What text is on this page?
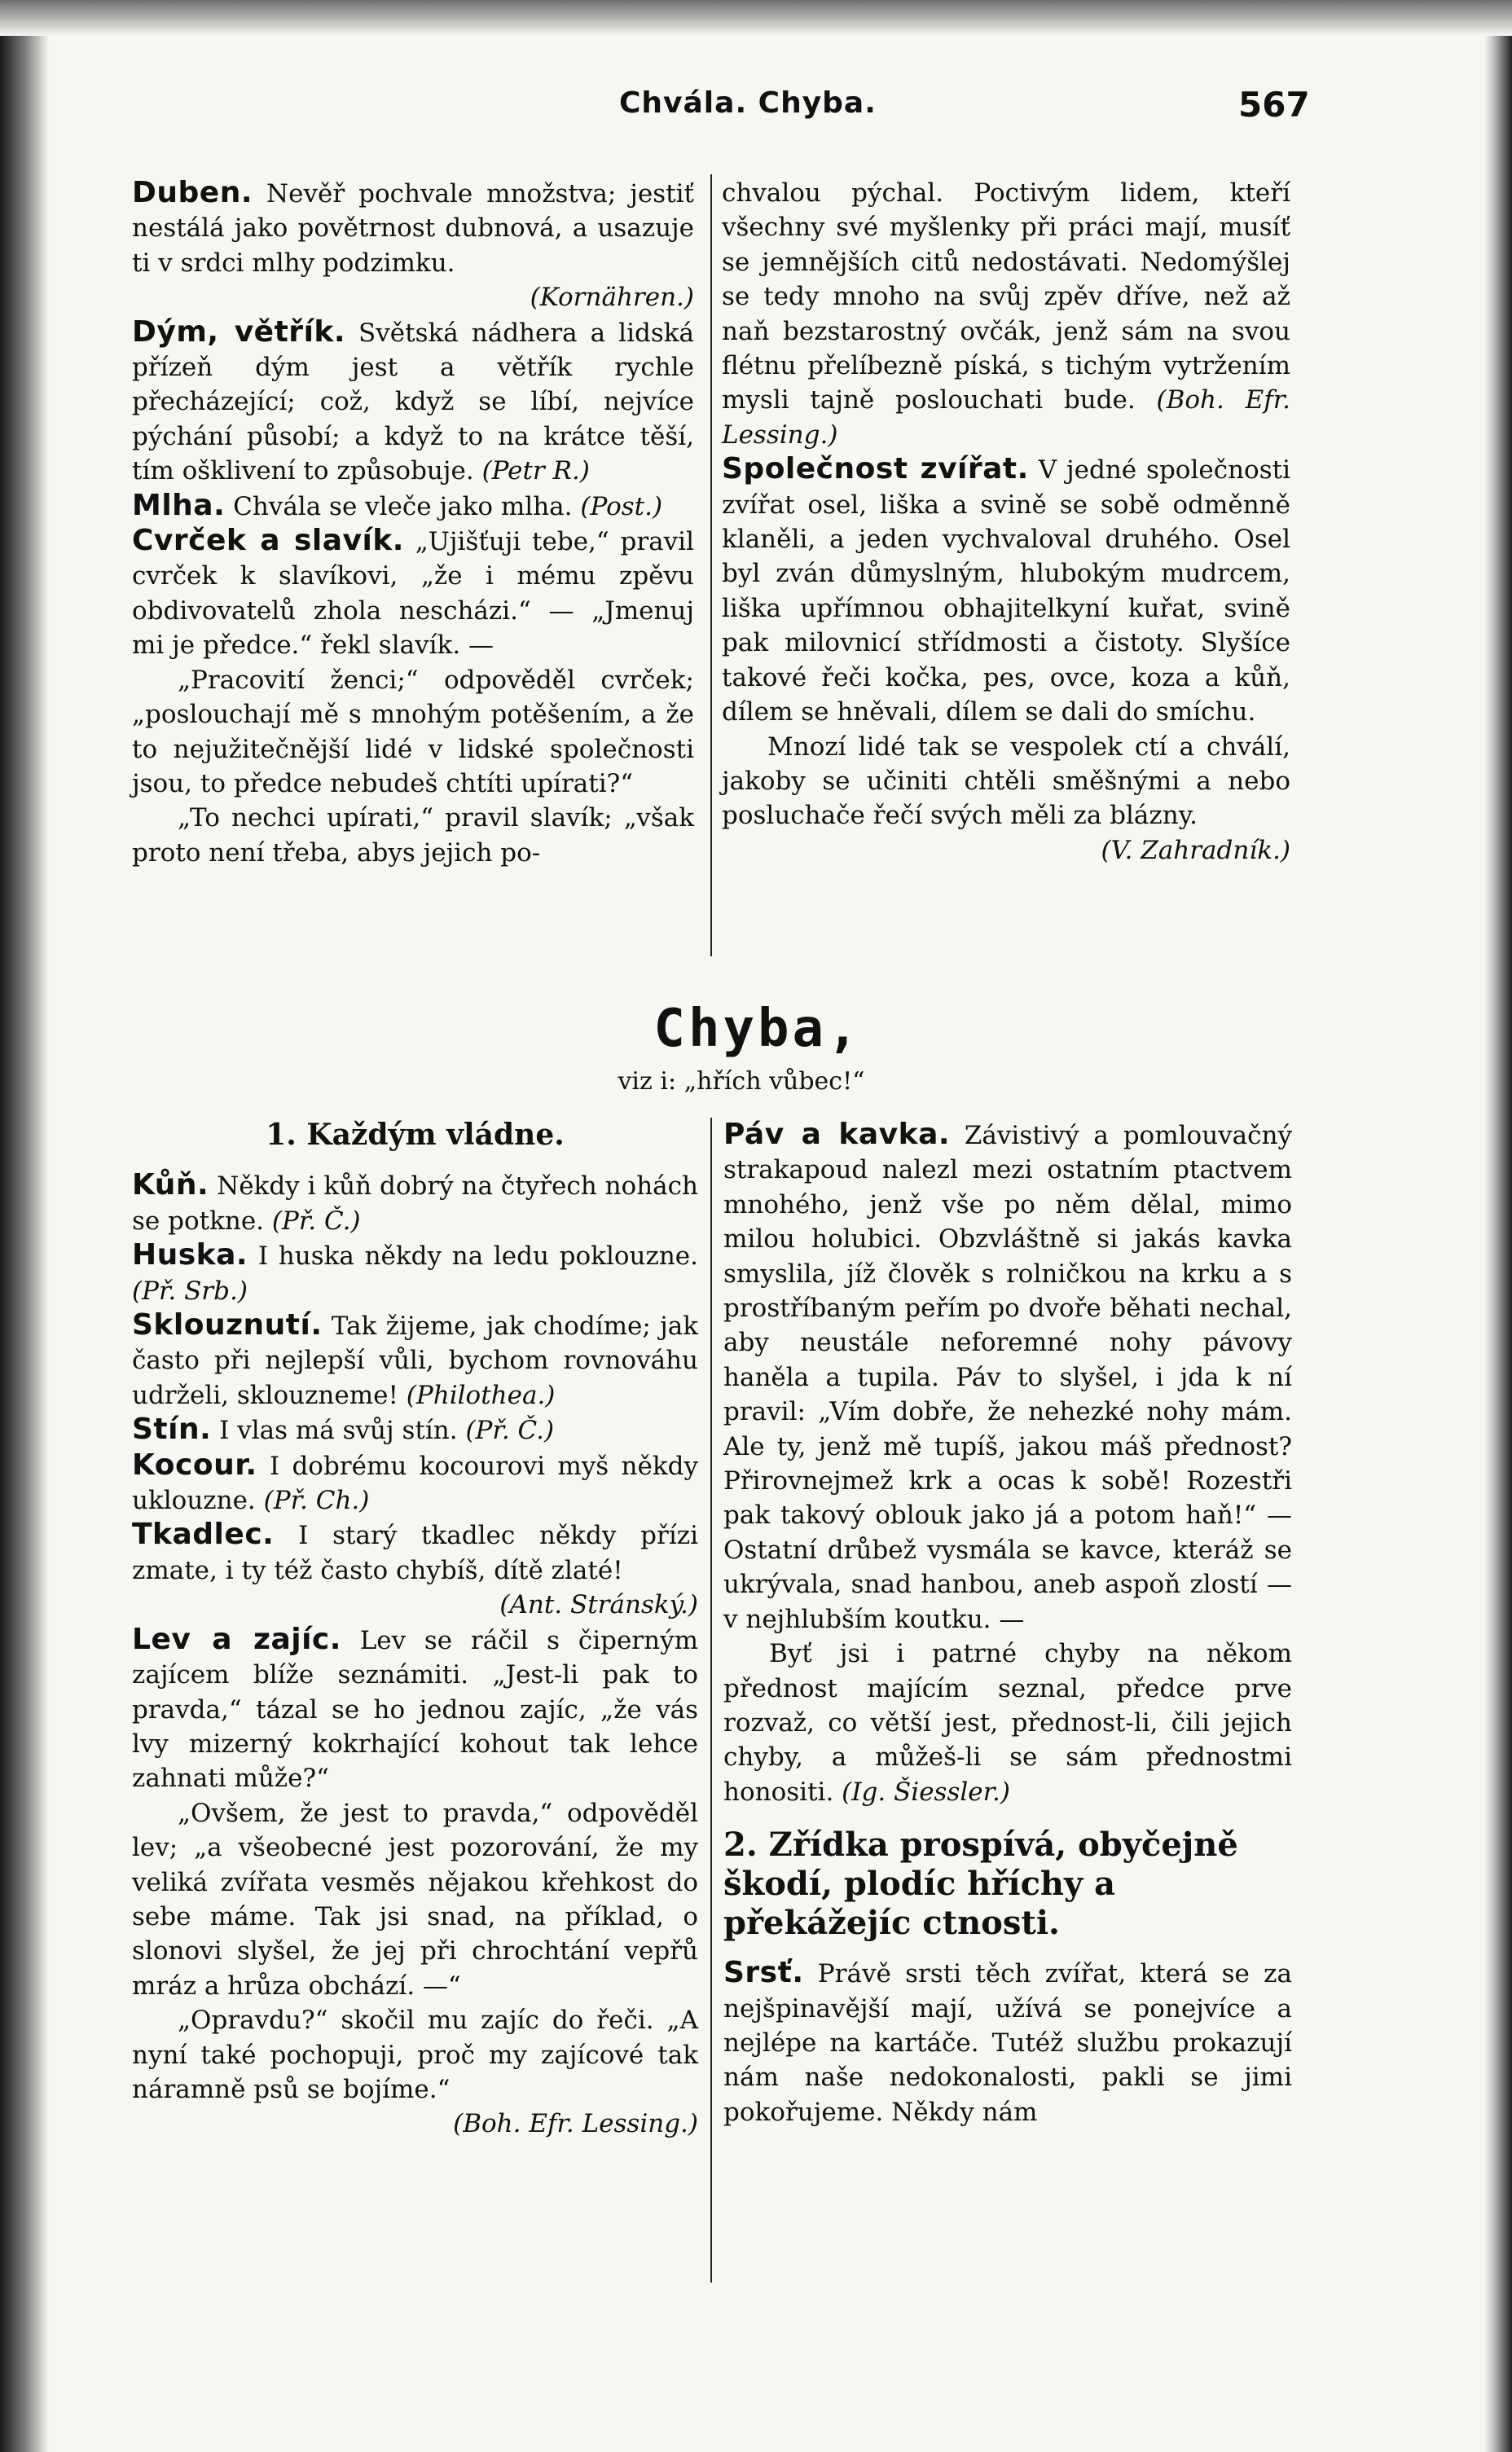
Chvála. Chyba.	567

Duben. Nevěř pochvale množstva; jestiť nestálá jako povětrnost dubnová, a usazuje ti v srdci mlhy podzimku.

(Kornähren.)

Dým, větřík. Světská nádhera a lidská přízeň dým jest a větřík rychle přecházející; což, když se líbí, nejvíce pýchání působí; a když to na krátce těší, tím ošklivení to způsobuje. (Petr R.)

Mlha. Chvála se vleče jako mlha. (Post.)

Cvrček a slavík. „Ujišťuji tebe,“ pravil cvrček k slavíkovi, „že i mému zpěvu obdivovatelů zhola nescházi.“ — „Jmenuj mi je předce.“ řekl slavík. —

„Pracovití ženci;“ odpověděl cvrček; „poslouchají mě s mnohým potěšením, a že to nejužitečnější lidé v lidské společnosti jsou, to předce nebudeš chtíti upírati?“

„To nechci upírati,“ pravil slavík; „však proto není třeba, abys jejich po-

chvalou pýchal. Poctivým lidem, kteří všechny své myšlenky při práci mají, musíť se jemnějších citů nedostávati. Nedomýšlej se tedy mnoho na svůj zpěv dříve, než až naň bezstarostný ovčák, jenž sám na svou flétnu přelíbezně píská, s tichým vytržením mysli tajně poslouchati bude. (Boh. Efr. Lessing.)

Společnost zvířat. V jedné společnosti zvířat osel, liška a svině se sobě odměnně klaněli, a jeden vychvaloval druhého. Osel byl zván důmyslným, hlubokým mudrcem, liška upřímnou obhajitelkyní kuřat, svině pak milovnicí střídmosti a čistoty. Slyšíce takové řeči kočka, pes, ovce, koza a kůň, dílem se hněvali, dílem se dali do smíchu.

Mnozí lidé tak se vespolek ctí a chválí, jakoby se učiniti chtěli směšnými a nebo posluchače řečí svých měli za blázny.

(V. Zahradník.)

Chyba,
viz i: „hřích vůbec!“

1. Každým vládne.

Kůň. Někdy i kůň dobrý na čtyřech nohách se potkne. (Př. Č.)

Huska. I huska někdy na ledu poklouzne. (Př. Srb.)

Sklouznutí. Tak žijeme, jak chodíme; jak často při nejlepší vůli, bychom rovnováhu udrželi, sklouzneme! (Philothea.)

Stín. I vlas má svůj stín. (Př. Č.)

Kocour. I dobrému kocourovi myš někdy uklouzne. (Př. Ch.)

Tkadlec. I starý tkadlec někdy přízi zmate, i ty též často chybíš, dítě zlaté!

(Ant. Stránský.)

Lev a zajíc. Lev se ráčil s čiperným zajícem blíže seznámiti. „Jest-li pak to pravda,“ tázal se ho jednou zajíc, „že vás lvy mizerný kokrhající kohout tak lehce zahnati může?“

„Ovšem, že jest to pravda,“ odpověděl lev; „a všeobecné jest pozorování, že my veliká zvířata vesměs nějakou křehkost do sebe máme. Tak jsi snad, na příklad, o slonovi slyšel, že jej při chrochtání vepřů mráz a hrůza obchází. —“

„Opravdu?“ skočil mu zajíc do řeči. „A nyní také pochopuji, proč my zajícové tak náramně psů se bojíme.“

(Boh. Efr. Lessing.)

Páv a kavka. Závistivý a pomlouvačný strakapoud nalezl mezi ostatním ptactvem mnohého, jenž vše po něm dělal, mimo milou holubici. Obzvláštně si jakás kavka smyslila, jíž člověk s rolničkou na krku a s prostříbaným peřím po dvoře běhati nechal, aby neustále neforemné nohy pávovy haněla a tupila. Páv to slyšel, i jda k ní pravil: „Vím dobře, že nehezké nohy mám. Ale ty, jenž mě tupíš, jakou máš přednost? Přirovnejmež krk a ocas k sobě! Rozestři pak takový oblouk jako já a potom haň!“ — Ostatní drůbež vysmála se kavce, kteráž se ukrývala, snad hanbou, aneb aspoň zlostí — v nejhlubším koutku. —

Byť jsi i patrné chyby na někom přednost majícím seznal, předce prve rozvaž, co větší jest, přednost-li, čili jejich chyby, a můžeš-li se sám přednostmi honositi. (Ig. Šiessler.)

2. Zřídka prospívá, obyčejně škodí, plodíc hříchy a překážejíc ctnosti.

Srsť. Právě srsti těch zvířat, která se za nejšpinavější mají, užívá se ponejvíce a nejlépe na kartáče. Tutéž službu prokazují nám naše nedokonalosti, pakli se jimi pokořujeme. Někdy nám
